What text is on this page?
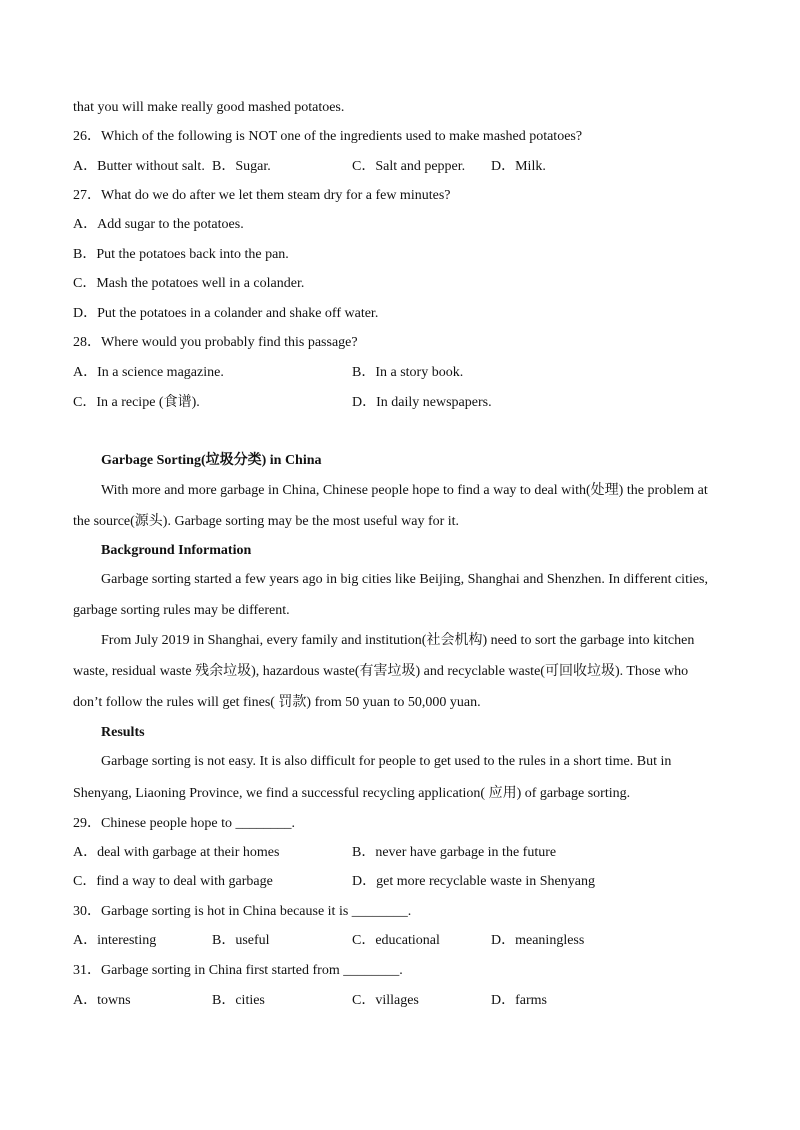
that you will make really good mashed potatoes.
26．Which of the following is NOT one of the ingredients used to make mashed potatoes?
A．Butter without salt. B．Sugar.	C．Salt and pepper. D．Milk.
27．What do we do after we let them steam dry for a few minutes?
A．Add sugar to the potatoes.
B．Put the potatoes back into the pan.
C．Mash the potatoes well in a colander.
D．Put the potatoes in a colander and shake off water.
28．Where would you probably find this passage?
A．In a science magazine.	B．In a story book.
C．In a recipe (食谱).	D．In daily newspapers.
Garbage Sorting(垃圾分类) in China
With more and more garbage in China, Chinese people hope to find a way to deal with(处理) the problem at
the source(源头). Garbage sorting may be the most useful way for it.
Background Information
Garbage sorting started a few years ago in big cities like Beijing, Shanghai and Shenzhen. In different cities,
garbage sorting rules may be different.
From July 2019 in Shanghai, every family and institution(社会机构) need to sort the garbage into kitchen
waste, residual waste 残余垃圾), hazardous waste(有害垃圾) and recyclable waste(可回收垃圾). Those who
don’t follow the rules will get fines( 罚款) from 50 yuan to 50,000 yuan.
Results
Garbage sorting is not easy. It is also difficult for people to get used to the rules in a short time. But in
Shenyang, Liaoning Province, we find a successful recycling application( 应用) of garbage sorting.
29．Chinese people hope to ________.
A．deal with garbage at their homes	B．never have garbage in the future
C．find a way to deal with garbage	D．get more recyclable waste in Shenyang
30．Garbage sorting is hot in China because it is ________.
A．interesting	B．useful	C．educational	D．meaningless
31．Garbage sorting in China first started from ________.
A．towns	B．cities	C．villages	D．farms
